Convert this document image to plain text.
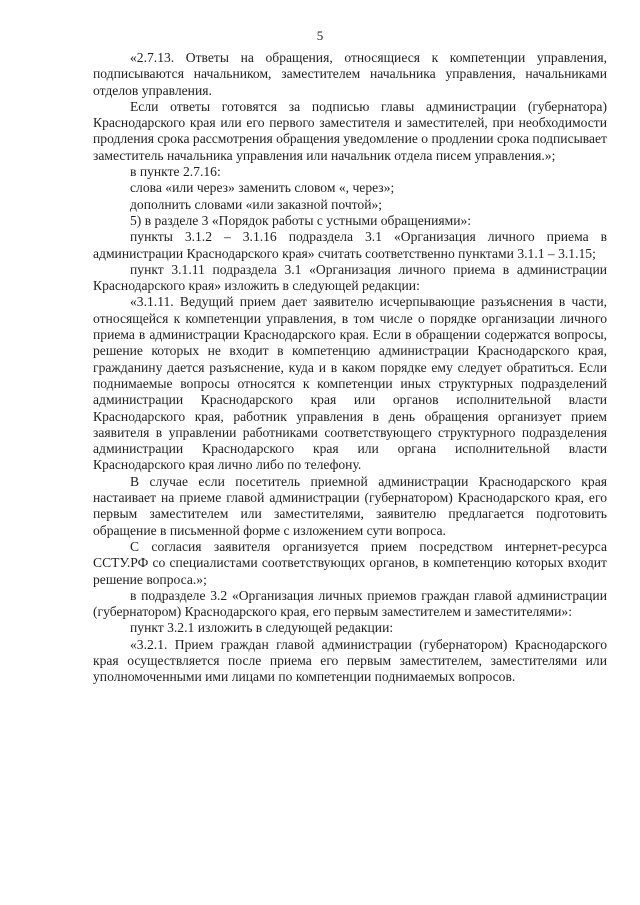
5

«2.7.13. Ответы на обращения, относящиеся к компетенции управления, подписываются начальником, заместителем начальника управления, начальниками отделов управления.

Если ответы готовятся за подписью главы администрации (губернатора) Краснодарского края или его первого заместителя и заместителей, при необходимости продления срока рассмотрения обращения уведомление о продлении срока подписывает заместитель начальника управления или начальник отдела писем управления.»;

в пункте 2.7.16:

слова «или через» заменить словом «, через»;

дополнить словами «или заказной почтой»;

5) в разделе 3 «Порядок работы с устными обращениями»:

пункты 3.1.2 – 3.1.16 подраздела 3.1 «Организация личного приема в администрации Краснодарского края» считать соответственно пунктами 3.1.1 – 3.1.15;

пункт 3.1.11 подраздела 3.1 «Организация личного приема в администрации Краснодарского края» изложить в следующей редакции:

«3.1.11. Ведущий прием дает заявителю исчерпывающие разъяснения в части, относящейся к компетенции управления, в том числе о порядке организации личного приема в администрации Краснодарского края. Если в обращении содержатся вопросы, решение которых не входит в компетенцию администрации Краснодарского края, гражданину дается разъяснение, куда и в каком порядке ему следует обратиться. Если поднимаемые вопросы относятся к компетенции иных структурных подразделений администрации Краснодарского края или органов исполнительной власти Краснодарского края, работник управления в день обращения организует прием заявителя в управлении работниками соответствующего структурного подразделения администрации Краснодарского края или органа исполнительной власти Краснодарского края лично либо по телефону.

В случае если посетитель приемной администрации Краснодарского края настаивает на приеме главой администрации (губернатором) Краснодарского края, его первым заместителем или заместителями, заявителю предлагается подготовить обращение в письменной форме с изложением сути вопроса.

С согласия заявителя организуется прием посредством интернет-ресурса ССТУ.РФ со специалистами соответствующих органов, в компетенцию которых входит решение вопроса.»;

в подразделе 3.2 «Организация личных приемов граждан главой администрации (губернатором) Краснодарского края, его первым заместителем и заместителями»:

пункт 3.2.1 изложить в следующей редакции:

«3.2.1. Прием граждан главой администрации (губернатором) Краснодарского края осуществляется после приема его первым заместителем, заместителями или уполномоченными ими лицами по компетенции поднимаемых вопросов.
